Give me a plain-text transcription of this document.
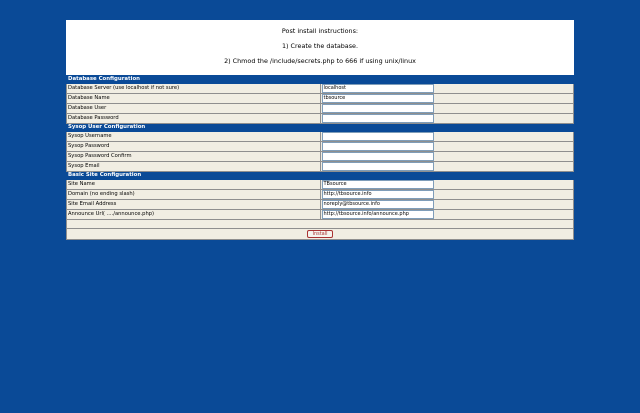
Post install instructions:
1) Create the database.
2) Chmod the /include/secrets.php to 666 if using unix/linux
Database Configuration	
Database Server (use localhost if not sure)	localhost

Database Name	tbsource

Database User	

Database Password	

Sysop User Configuration	
Sysop Username	

Sysop Password	

Sysop Password Confirm	

Sysop Email	

Basic Site Configuration	
Site Name	TBsource

Domain (no ending slash)	http://tbsource.info

Site Email Address	noreply@tbsource.info

Announce Url( ..../announce.php)	http://tbsource.info/announce.php

Install	
